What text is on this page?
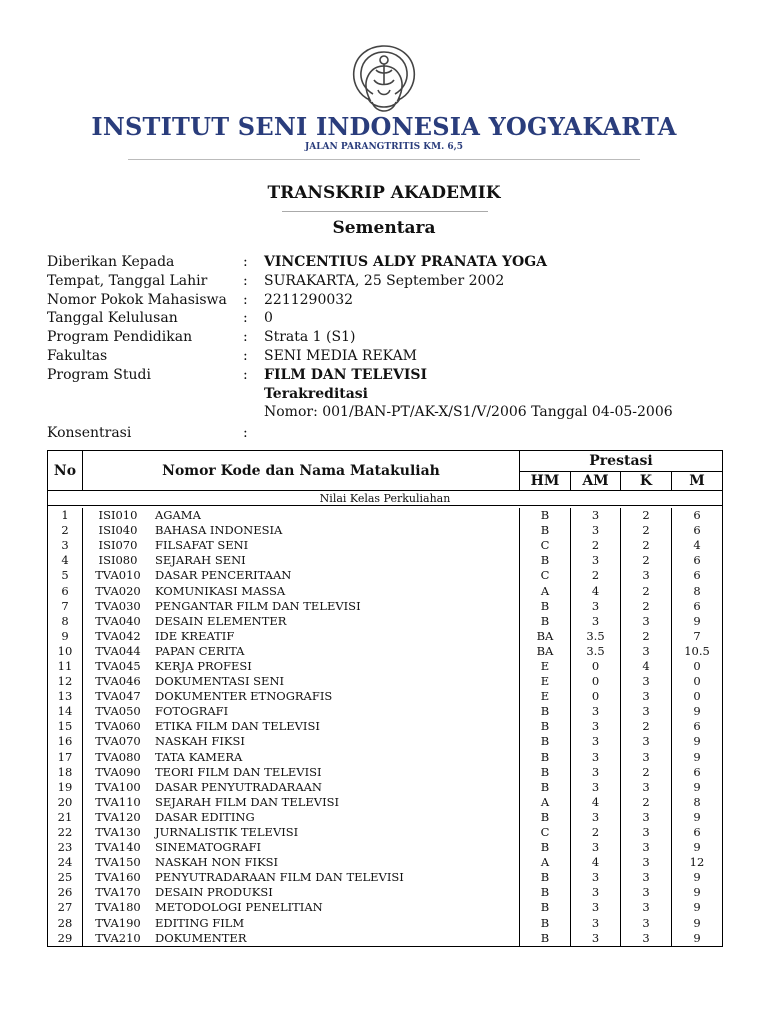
INSTITUT SENI INDONESIA YOGYAKARTA
JALAN PARANGTRITIS KM. 6,5
TRANSKRIP AKADEMIK
Sementara
Diberikan Kepada	:	VINCENTIUS ALDY PRANATA YOGA
Tempat, Tanggal Lahir	:	SURAKARTA, 25 September 2002
Nomor Pokok Mahasiswa	:	2211290032
Tanggal Kelulusan	:	0
Program Pendidikan	:	Strata 1 (S1)
Fakultas	:	SENI MEDIA REKAM
Program Studi	:	FILM DAN TELEVISI
Terakreditasi
Nomor: 001/BAN-PT/AK-X/S1/V/2006 Tanggal 04-05-2006
Konsentrasi	:
No	Nomor Kode dan Nama Matakuliah		Prestasi			
			HM	AM	K	M
Nilai Kelas Perkuliahan						

1	ISI010	AGAMA	B	3	2	6
2	ISI040	BAHASA INDONESIA	B	3	2	6
3	ISI070	FILSAFAT SENI	C	2	2	4
4	ISI080	SEJARAH SENI	B	3	2	6
5	TVA010	DASAR PENCERITAAN	C	2	3	6
6	TVA020	KOMUNIKASI MASSA	A	4	2	8
7	TVA030	PENGANTAR FILM DAN TELEVISI	B	3	2	6
8	TVA040	DESAIN ELEMENTER	B	3	3	9
9	TVA042	IDE KREATIF	BA	3.5	2	7
10	TVA044	PAPAN CERITA	BA	3.5	3	10.5
11	TVA045	KERJA PROFESI	E	0	4	0
12	TVA046	DOKUMENTASI SENI	E	0	3	0
13	TVA047	DOKUMENTER ETNOGRAFIS	E	0	3	0
14	TVA050	FOTOGRAFI	B	3	3	9
15	TVA060	ETIKA FILM DAN TELEVISI	B	3	2	6
16	TVA070	NASKAH FIKSI	B	3	3	9
17	TVA080	TATA KAMERA	B	3	3	9
18	TVA090	TEORI FILM DAN TELEVISI	B	3	2	6
19	TVA100	DASAR PENYUTRADARAAN	B	3	3	9
20	TVA110	SEJARAH FILM DAN TELEVISI	A	4	2	8
21	TVA120	DASAR EDITING	B	3	3	9
22	TVA130	JURNALISTIK TELEVISI	C	2	3	6
23	TVA140	SINEMATOGRAFI	B	3	3	9
24	TVA150	NASKAH NON FIKSI	A	4	3	12
25	TVA160	PENYUTRADARAAN FILM DAN TELEVISI	B	3	3	9
26	TVA170	DESAIN PRODUKSI	B	3	3	9
27	TVA180	METODOLOGI PENELITIAN	B	3	3	9
28	TVA190	EDITING FILM	B	3	3	9
29	TVA210	DOKUMENTER	B	3	3	9
